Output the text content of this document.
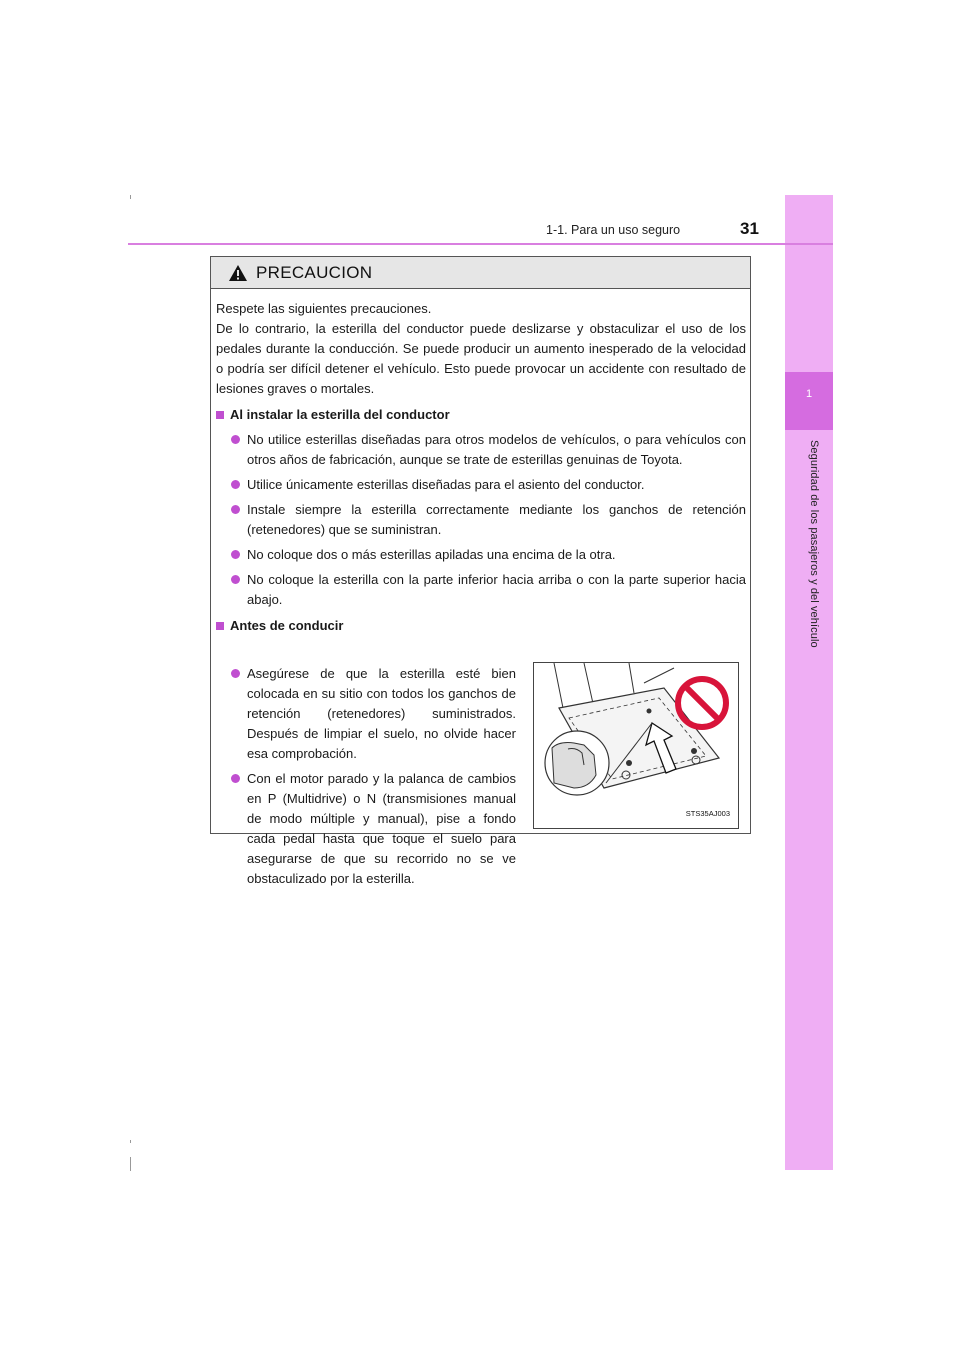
1
Seguridad de los pasajeros y del vehículo
1-1. Para un uso seguro	31
PRECAUCION

Respete las siguientes precauciones.

De lo contrario, la esterilla del conductor puede deslizarse y obstaculizar el uso de los pedales durante la conducción. Se puede producir un aumento inesperado de la velocidad o podría ser difícil detener el vehículo. Esto puede provocar un accidente con resultado de lesiones graves o mortales.

Al instalar la esterilla del conductor
No utilice esterillas diseñadas para otros modelos de vehículos, o para vehículos con otros años de fabricación, aunque se trate de esterillas genuinas de Toyota.
Utilice únicamente esterillas diseñadas para el asiento del conductor.
Instale siempre la esterilla correctamente mediante los ganchos de retención (retenedores) que se suministran.
No coloque dos o más esterillas apiladas una encima de la otra.
No coloque la esterilla con la parte inferior hacia arriba o con la parte superior hacia abajo.
Antes de conducir
Asegúrese de que la esterilla esté bien colocada en su sitio con todos los ganchos de retención (retenedores) suministrados. Después de limpiar el suelo, no olvide hacer esa comprobación.
Con el motor parado y la palanca de cambios en P (Multidrive) o N (transmisiones manual de modo múltiple y manual), pise a fondo cada pedal hasta que toque el suelo para asegurarse de que su recorrido no se ve obstaculizado por la esterilla.
STS35AJ003
